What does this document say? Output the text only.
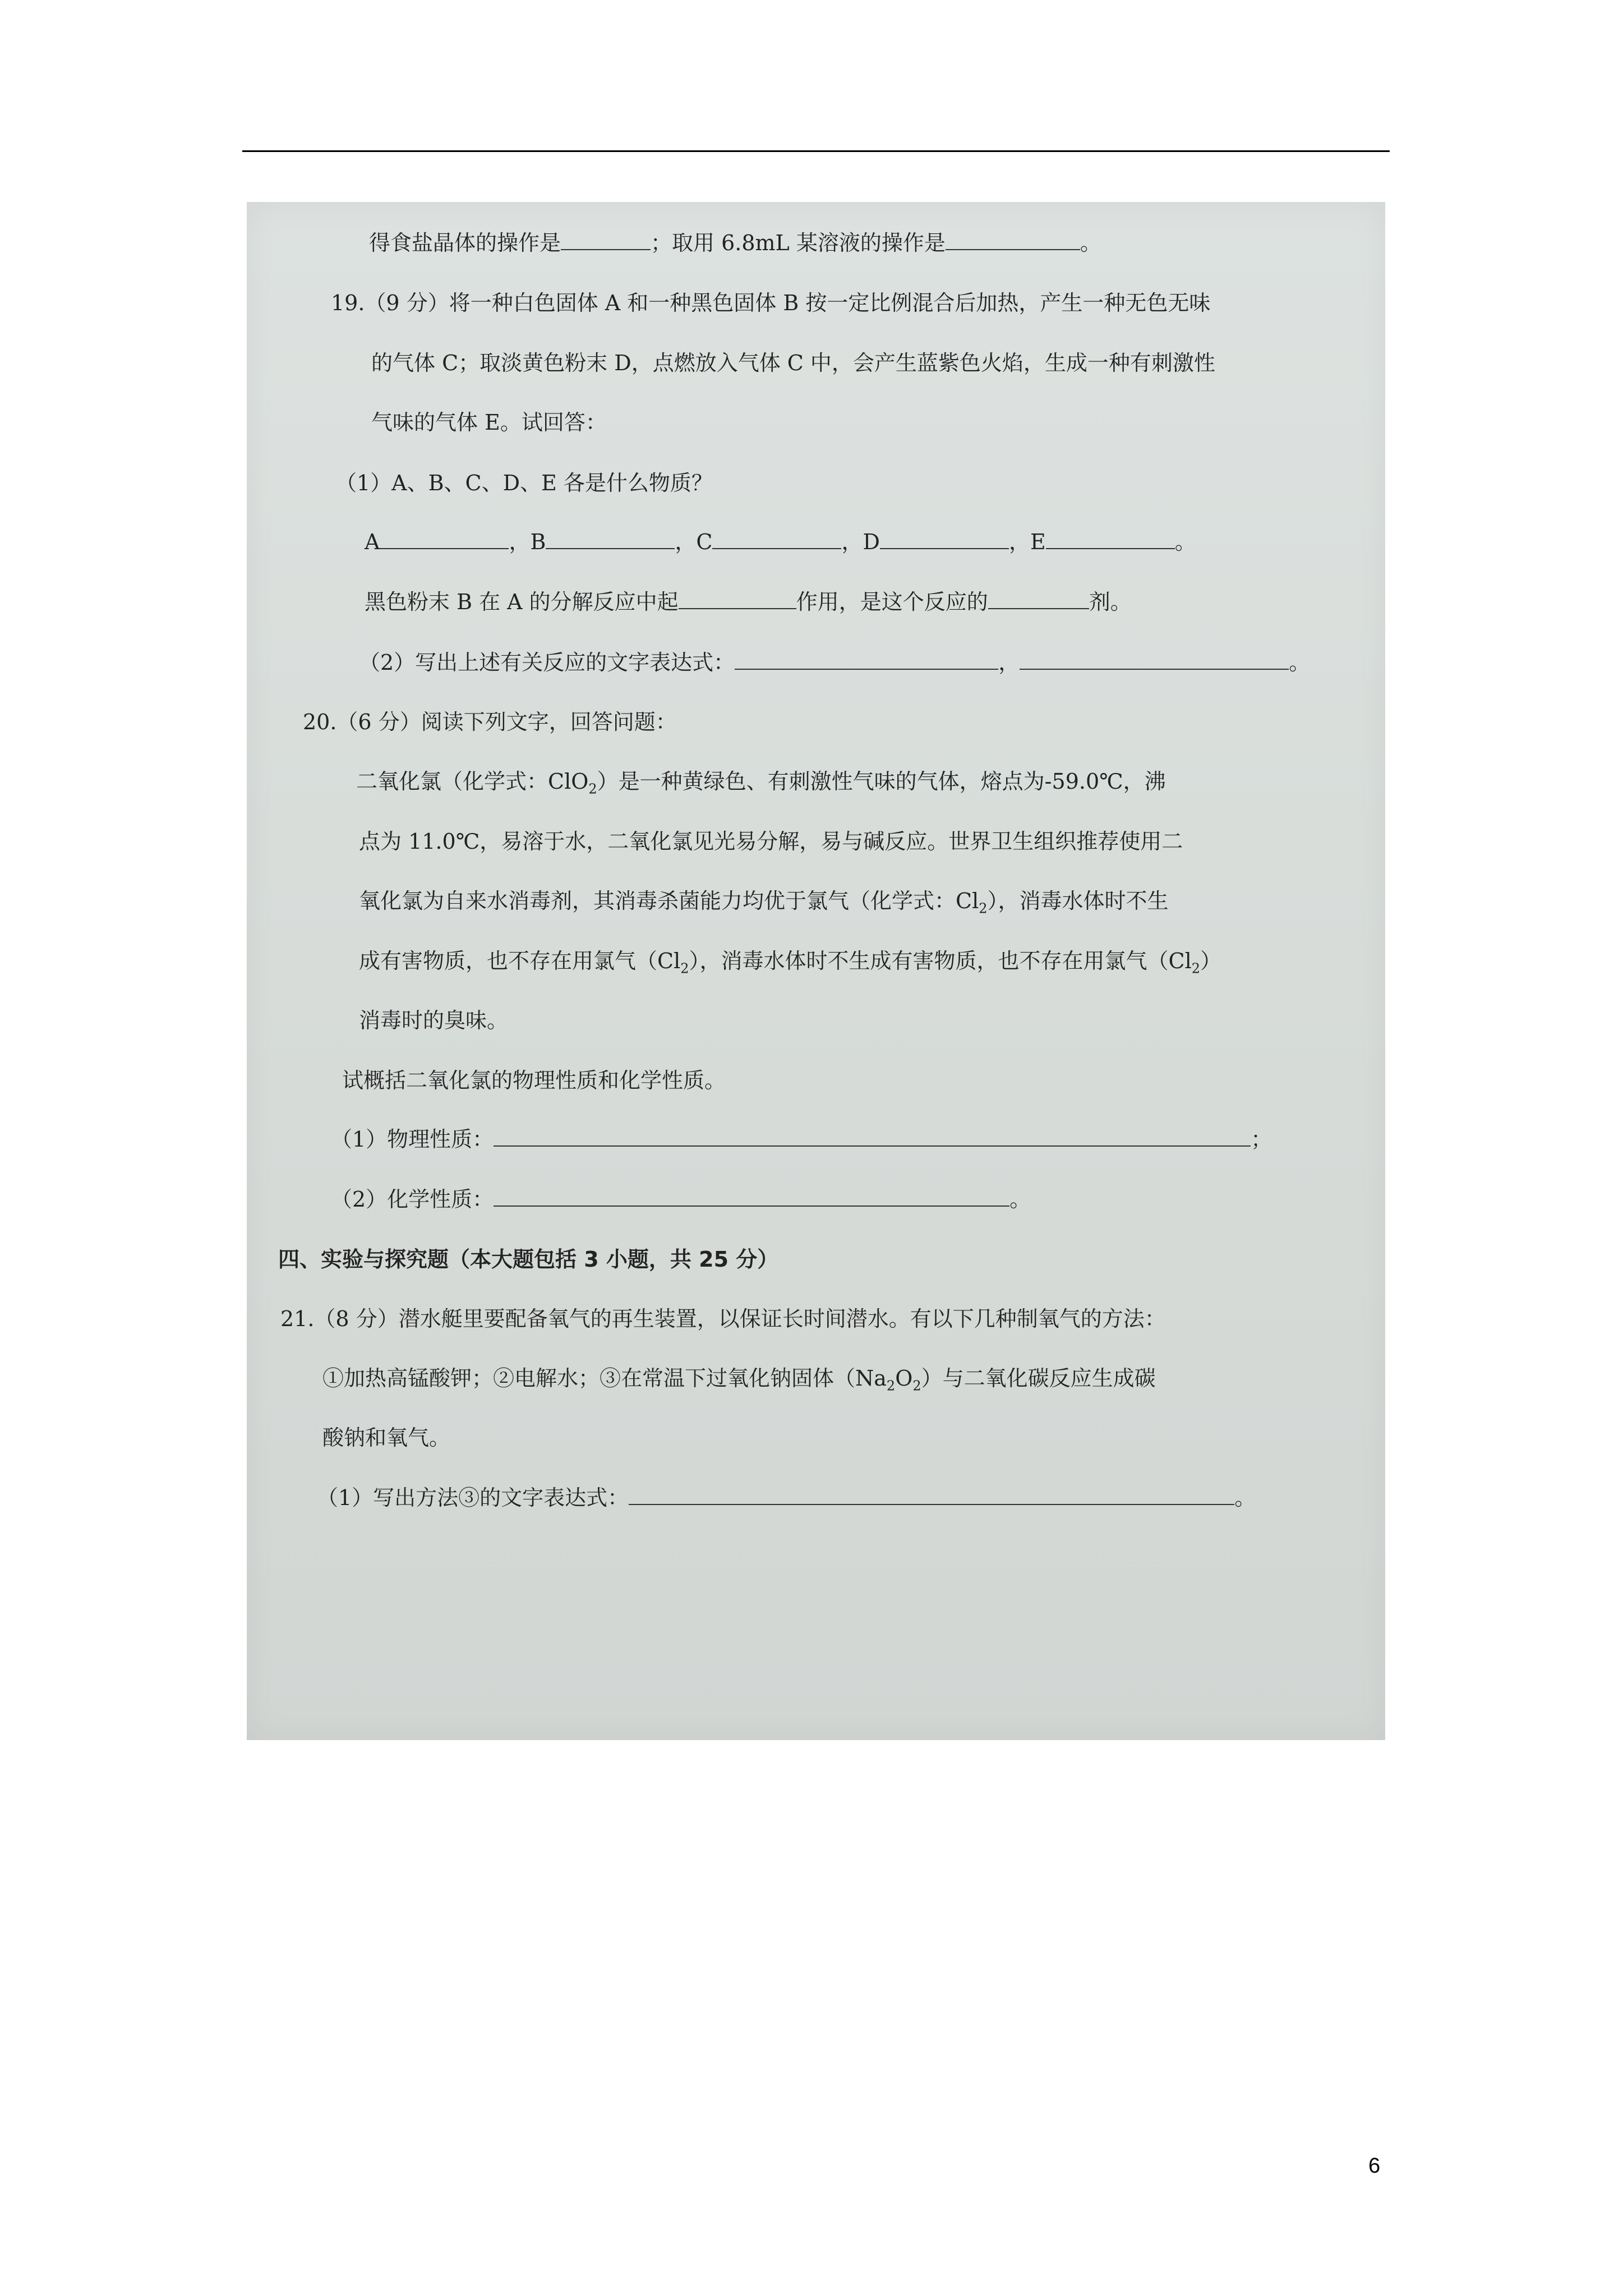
得食盐晶体的操作是	；取用 6.8mL 某溶液的操作是	。
19.（9 分）将一种白色固体 A 和一种黑色固体 B 按一定比例混合后加热，产生一种无色无味
的气体 C；取淡黄色粉末 D，点燃放入气体 C 中，会产生蓝紫色火焰，生成一种有刺激性
气味的气体 E。试回答：
（1）A、B、C、D、E 各是什么物质？
A	，B	，C	，D	，E	。
黑色粉末 B 在 A 的分解反应中起	作用，是这个反应的	剂。
（2）写出上述有关反应的文字表达式：	，	。
20.（6 分）阅读下列文字，回答问题：
二氧化氯（化学式：ClO$_2$）是一种黄绿色、有刺激性气味的气体，熔点为-59.0℃，沸
点为 11.0℃，易溶于水，二氧化氯见光易分解，易与碱反应。世界卫生组织推荐使用二
氧化氯为自来水消毒剂，其消毒杀菌能力均优于氯气（化学式：$Cl_2$），消毒水体时不生
成有害物质，也不存在用氯气$(Cl_2)$，消毒水体时不生成有害物质，也不存在用氯气$(Cl_2)$
消毒时的臭味。
试概括二氧化氯的物理性质和化学性质。
（1）物理性质：	；
（2）化学性质：	。
四、实验与探究题（本大题包括 3 小题，共 25 分）
21.（8 分）潜水艇里要配备氧气的再生装置，以保证长时间潜水。有以下几种制氧气的方法：
①加热高锰酸钾；②电解水；③在常温下过氧化钠固体$(Na_2O_2)$与二氧化碳反应生成碳
酸钠和氧气。
（1）写出方法③的文字表达式：	。
6
